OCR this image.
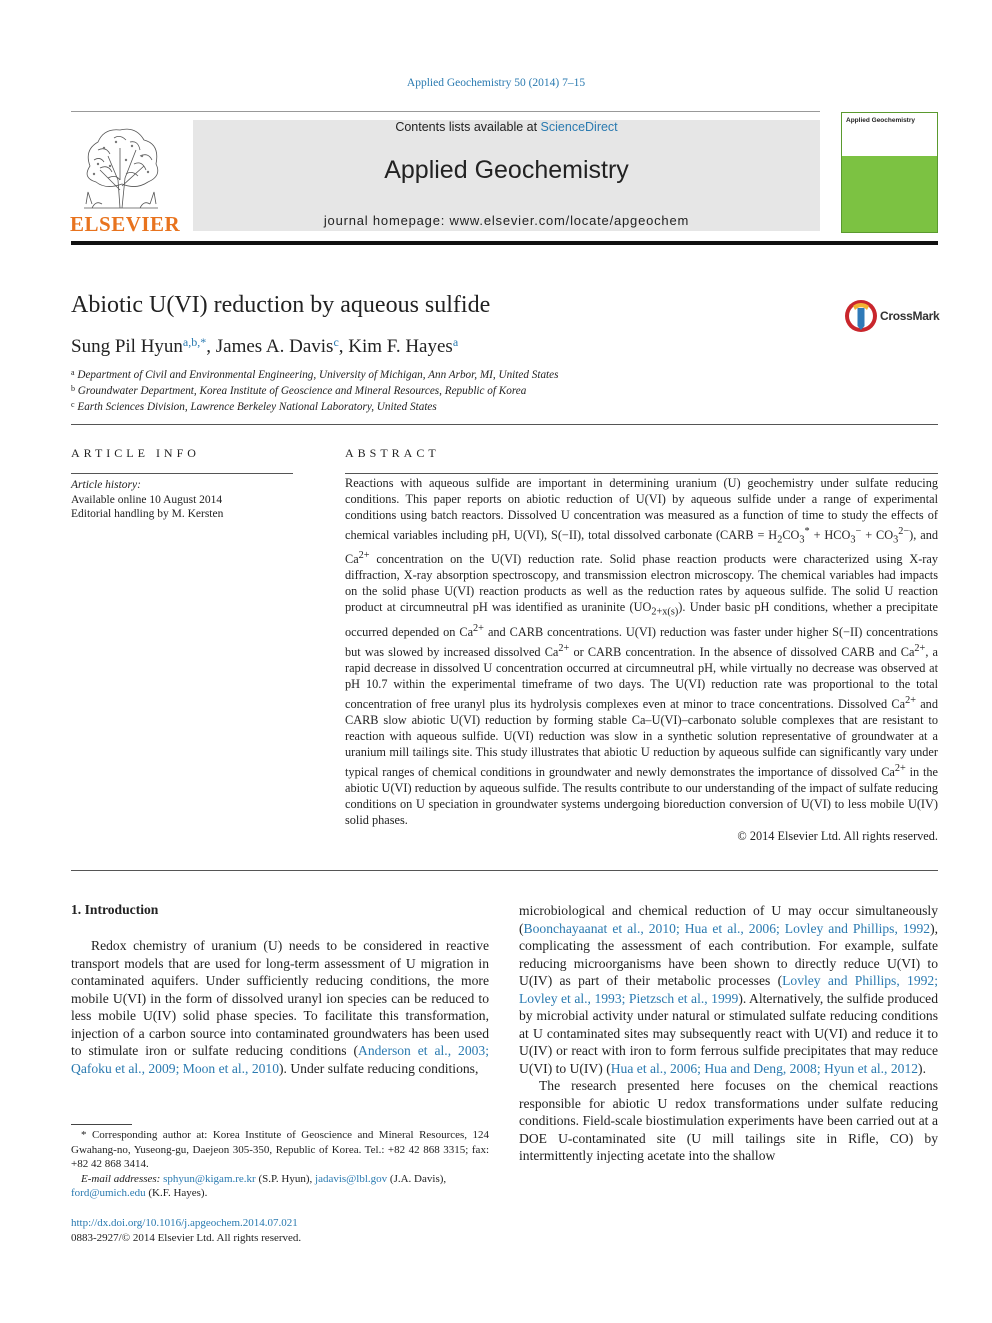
Applied Geochemistry 50 (2014) 7–15
ELSEVIER
Contents lists available at ScienceDirect
Applied Geochemistry
journal homepage: www.elsevier.com/locate/apgeochem
Applied Geochemistry
Abiotic U(VI) reduction by aqueous sulfide	CrossMark
Sung Pil Hyun$^{a,b,*}$, James A. Davis$^c$, Kim F. Hayes$^a$
$^a$ Department of Civil and Environmental Engineering, University of Michigan, Ann Arbor, MI, United States
$^b$ Groundwater Department, Korea Institute of Geoscience and Mineral Resources, Republic of Korea
$^c$ Earth Sciences Division, Lawrence Berkeley National Laboratory, United States
ARTICLE INFO
Article history:
Available online 10 August 2014
Editorial handling by M. Kersten
ABSTRACT
Reactions with aqueous sulfide are important in determining uranium (U) geochemistry under sulfate reducing conditions. This paper reports on abiotic reduction of U(VI) by aqueous sulfide under a range of experimental conditions using batch reactors. Dissolved U concentration was measured as a function of time to study the effects of chemical variables including pH, U(VI), S(−II), total dissolved carbonate (CARB = $H_2CO_3^* + HCO_3^- + CO_3^{2-}$), and $Ca^{2+}$ concentration on the U(VI) reduction rate. Solid phase reaction products were characterized using X-ray diffraction, X-ray absorption spectroscopy, and transmission electron microscopy. The chemical variables had impacts on the solid phase U(VI) reaction products as well as the reduction rates by aqueous sulfide. The solid U reaction product at circumneutral pH was identified as uraninite $(UO_{2+x(s)})$. Under basic pH conditions, whether a precipitate occurred depended on $Ca^{2+}$ and CARB concentrations. U(VI) reduction was faster under higher S(−II) concentrations but was slowed by increased dissolved $Ca^{2+}$ or CARB concentration. In the absence of dissolved CARB and $Ca^{2+}$, a rapid decrease in dissolved U concentration occurred at circumneutral pH, while virtually no decrease was observed at pH 10.7 within the experimental timeframe of two days. The U(VI) reduction rate was proportional to the total concentration of free uranyl plus its hydrolysis complexes even at minor to trace concentrations. Dissolved $Ca^{2+}$ and CARB slow abiotic U(VI) reduction by forming stable Ca–U(VI)–carbonato soluble complexes that are resistant to reaction with aqueous sulfide. U(VI) reduction was slow in a synthetic solution representative of groundwater at a uranium mill tailings site. This study illustrates that abiotic U reduction by aqueous sulfide can significantly vary under typical ranges of chemical conditions in groundwater and newly demonstrates the importance of dissolved $Ca^{2+}$ in the abiotic U(VI) reduction by aqueous sulfide. The results contribute to our understanding of the impact of sulfate reducing conditions on U speciation in groundwater systems undergoing bioreduction conversion of U(VI) to less mobile U(IV) solid phases.
© 2014 Elsevier Ltd. All rights reserved.
1. Introduction

Redox chemistry of uranium (U) needs to be considered in reactive transport models that are used for long-term assessment of U migration in contaminated aquifers. Under sufficiently reducing conditions, the more mobile U(VI) in the form of dissolved uranyl ion species can be reduced to less mobile U(IV) solid phase species. To facilitate this transformation, injection of a carbon source into contaminated groundwaters has been used to stimulate iron or sulfate reducing conditions (Anderson et al., 2003; Qafoku et al., 2009; Moon et al., 2010). Under sulfate reducing conditions,

microbiological and chemical reduction of U may occur simultaneously (Boonchayaanat et al., 2010; Hua et al., 2006; Lovley and Phillips, 1992), complicating the assessment of each contribution. For example, sulfate reducing microorganisms have been shown to directly reduce U(VI) to U(IV) as part of their metabolic processes (Lovley and Phillips, 1992; Lovley et al., 1993; Pietzsch et al., 1999). Alternatively, the sulfide produced by microbial activity under natural or stimulated sulfate reducing conditions at U contaminated sites may subsequently react with U(VI) and reduce it to U(IV) or react with iron to form ferrous sulfide precipitates that may reduce U(VI) to U(IV) (Hua et al., 2006; Hua and Deng, 2008; Hyun et al., 2012).

The research presented here focuses on the chemical reactions responsible for abiotic U redox transformations under sulfate reducing conditions. Field-scale biostimulation experiments have been carried out at a DOE U-contaminated site (U mill tailings site in Rifle, CO) by intermittently injecting acetate into the shallow

* Corresponding author at: Korea Institute of Geoscience and Mineral Resources, 124 Gwahang-no, Yuseong-gu, Daejeon 305-350, Republic of Korea. Tel.: +82 42 868 3315; fax: +82 42 868 3414.

E-mail addresses: sphyun@kigam.re.kr (S.P. Hyun), jadavis@lbl.gov (J.A. Davis),
ford@umich.edu (K.F. Hayes).

http://dx.doi.org/10.1016/j.apgeochem.2014.07.021
0883-2927/© 2014 Elsevier Ltd. All rights reserved.
